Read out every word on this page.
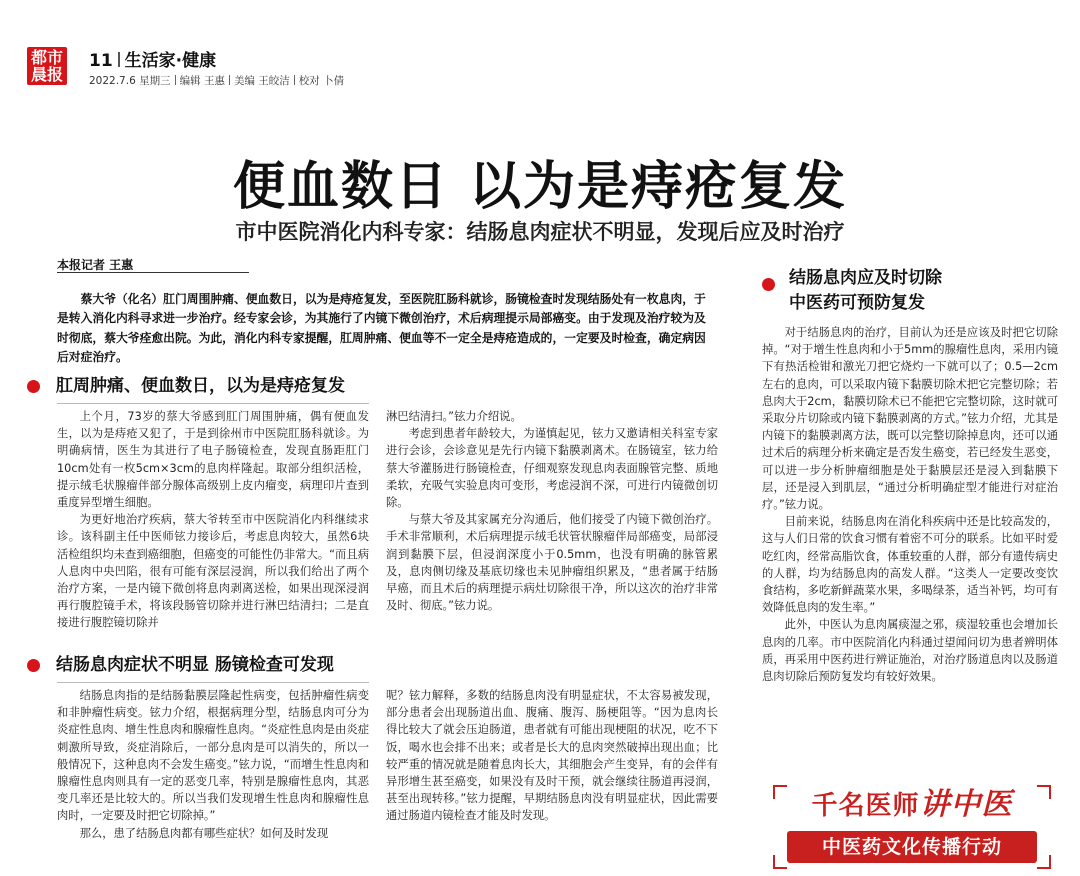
都市
晨报
11 生活家·健康
2022.7.6 星期三 编辑 王惠 美编 王皎洁 校对 卜倩
便血数日 以为是痔疮复发
市中医院消化内科专家：结肠息肉症状不明显，发现后应及时治疗
本报记者 王惠
蔡大爷（化名）肛门周围肿痛、便血数日，以为是痔疮复发，至医院肛肠科就诊，肠镜检查时发现结肠处有一枚息肉，于是转入消化内科寻求进一步治疗。经专家会诊，为其施行了内镜下微创治疗，术后病理提示局部癌变。由于发现及治疗较为及时彻底，蔡大爷痊愈出院。为此，消化内科专家提醒，肛周肿痛、便血等不一定全是痔疮造成的，一定要及时检查，确定病因后对症治疗。
肛周肿痛、便血数日，以为是痔疮复发

上个月，73岁的蔡大爷感到肛门周围肿痛，偶有便血发生，以为是痔疮又犯了，于是到徐州市中医院肛肠科就诊。为明确病情，医生为其进行了电子肠镜检查，发现直肠距肛门10cm处有一枚5cm×3cm的息肉样隆起。取部分组织活检，提示绒毛状腺瘤伴部分腺体高级别上皮内瘤变，病理印片查到重度异型增生细胞。

为更好地治疗疾病，蔡大爷转至市中医院消化内科继续求诊。该科副主任中医师铉力接诊后，考虑息肉较大，虽然6块活检组织均未查到癌细胞，但癌变的可能性仍非常大。“而且病人息肉中央凹陷，很有可能有深层浸润，所以我们给出了两个治疗方案，一是内镜下微创将息肉剥离送检，如果出现深浸润再行腹腔镜手术，将该段肠管切除并进行淋巴结清扫；二是直接进行腹腔镜切除并

淋巴结清扫。”铉力介绍说。

考虑到患者年龄较大，为谨慎起见，铉力又邀请相关科室专家进行会诊，会诊意见是先行内镜下黏膜剥离术。在肠镜室，铉力给蔡大爷灌肠进行肠镜检查，仔细观察发现息肉表面腺管完整、质地柔软，充吸气实验息肉可变形，考虑浸润不深，可进行内镜微创切除。

与蔡大爷及其家属充分沟通后，他们接受了内镜下微创治疗。手术非常顺利，术后病理提示绒毛状管状腺瘤伴局部癌变，局部浸润到黏膜下层，但浸润深度小于0.5mm，也没有明确的脉管累及，息肉侧切缘及基底切缘也未见肿瘤组织累及，“患者属于结肠早癌，而且术后的病理提示病灶切除很干净，所以这次的治疗非常及时、彻底。”铉力说。

结肠息肉症状不明显 肠镜检查可发现

结肠息肉指的是结肠黏膜层隆起性病变，包括肿瘤性病变和非肿瘤性病变。铉力介绍，根据病理分型，结肠息肉可分为炎症性息肉、增生性息肉和腺瘤性息肉。“炎症性息肉是由炎症刺激所导致，炎症消除后，一部分息肉是可以消失的，所以一般情况下，这种息肉不会发生癌变。”铉力说，“而增生性息肉和腺瘤性息肉则具有一定的恶变几率，特别是腺瘤性息肉，其恶变几率还是比较大的。所以当我们发现增生性息肉和腺瘤性息肉时，一定要及时把它切除掉。”

那么，患了结肠息肉都有哪些症状？如何及时发现

呢？铉力解释，多数的结肠息肉没有明显症状，不太容易被发现，部分患者会出现肠道出血、腹痛、腹泻、肠梗阻等。“因为息肉长得比较大了就会压迫肠道，患者就有可能出现梗阻的状况，吃不下饭，喝水也会排不出来；或者是长大的息肉突然破掉出现出血；比较严重的情况就是随着息肉长大，其细胞会产生变异，有的会伴有异形增生甚至癌变，如果没有及时干预，就会继续往肠道再浸润，甚至出现转移。”铉力提醒，早期结肠息肉没有明显症状，因此需要通过肠道内镜检查才能及时发现。

结肠息肉应及时切除
中医药可预防复发

对于结肠息肉的治疗，目前认为还是应该及时把它切除掉。“对于增生性息肉和小于5mm的腺瘤性息肉，采用内镜下有热活检钳和激光刀把它烧灼一下就可以了；0.5—2cm左右的息肉，可以采取内镜下黏膜切除术把它完整切除；若息肉大于2cm，黏膜切除术已不能把它完整切除，这时就可采取分片切除或内镜下黏膜剥离的方式。”铉力介绍，尤其是内镜下的黏膜剥离方法，既可以完整切除掉息肉，还可以通过术后的病理分析来确定是否发生癌变，若已经发生恶变，可以进一步分析肿瘤细胞是处于黏膜层还是浸入到黏膜下层，还是浸入到肌层，“通过分析明确症型才能进行对症治疗。”铉力说。

目前来说，结肠息肉在消化科疾病中还是比较高发的，这与人们日常的饮食习惯有着密不可分的联系。比如平时爱吃红肉，经常高脂饮食，体重较重的人群，部分有遗传病史的人群，均为结肠息肉的高发人群。“这类人一定要改变饮食结构，多吃新鲜蔬菜水果，多喝绿茶，适当补钙，均可有效降低息肉的发生率。”

此外，中医认为息肉属痰湿之邪，痰湿较重也会增加长息肉的几率。市中医院消化内科通过望闻问切为患者辨明体质，再采用中医药进行辨证施治，对治疗肠道息肉以及肠道息肉切除后预防复发均有较好效果。

千名医师讲中医
中医药文化传播行动
